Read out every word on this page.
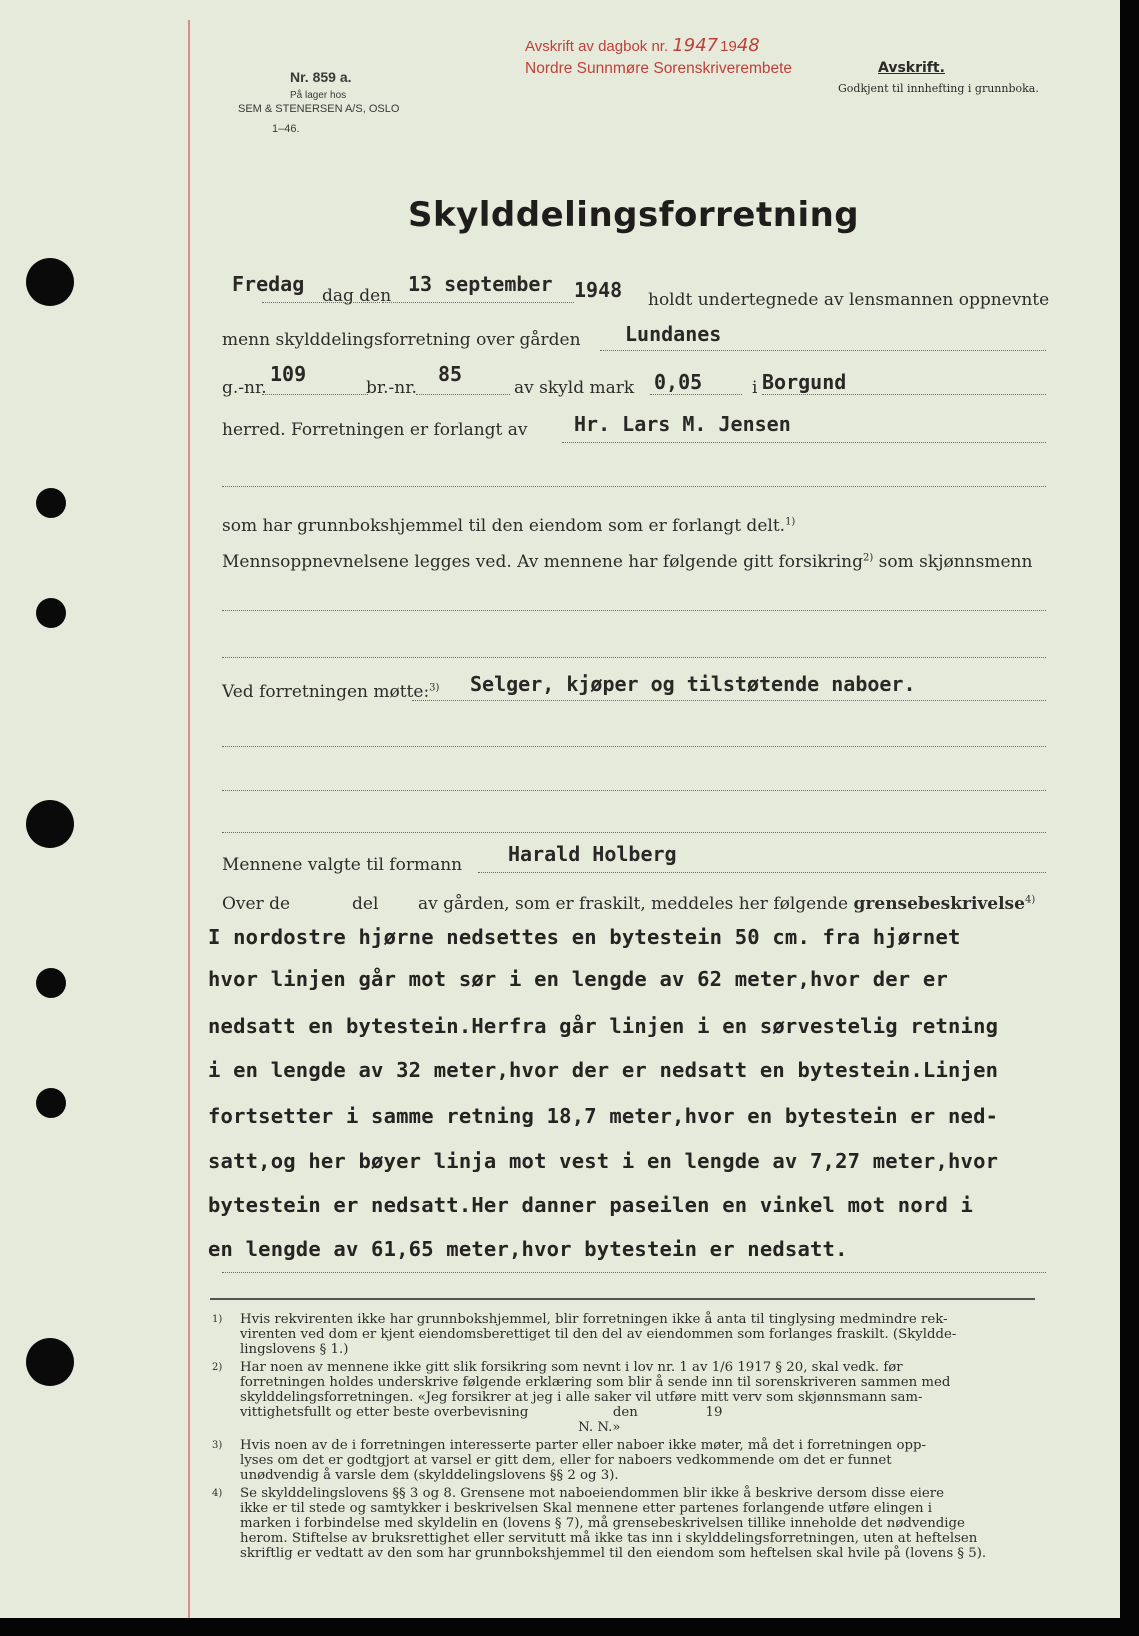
Nr. 859 a.
På lager hos
SEM & STENERSEN A/S, OSLO
1–46.
Avskrift av dagbok nr. 1947 1948
Nordre Sunnmøre Sorenskriverembete	Avskrift.
Godkjent til innhefting i grunnboka.
Skylddelingsforretning
Fredag dag den 13 september 1948 holdt undertegnede av lensmannen oppnevnte
menn skylddelingsforretning over gården Lundanes
g.-nr.
109
br.-nr.
85
av skyld mark 0,05	i Borgund
herred. Forretningen er forlangt av Hr. Lars M. Jensen
som har grunnbokshjemmel til den eiendom som er forlangt delt.$^{1)}$
Mennsoppnevnelsene legges ved. Av mennene har følgende gitt forsikring$^{2)}$ som skjønnsmenn
Ved forretningen møtte:$^{3)}$ Selger, kjøper og tilstøtende naboer.
Mennene valgte til formann Harald Holberg
Over de	del av gården, som er fraskilt, meddeles her følgende grensebeskrivelse$^{4)}$
I nordostre hjørne nedsettes en bytestein 50 cm. fra hjørnet
hvor linjen går mot sør i en lengde av 62 meter,hvor der er
nedsatt en bytestein.Herfra går linjen i en sørvestelig retning
i en lengde av 32 meter,hvor der er nedsatt en bytestein.Linjen
fortsetter i samme retning 18,7 meter,hvor en bytestein er ned-
satt,og her bøyer linja mot vest i en lengde av 7,27 meter,hvor
bytestein er nedsatt.Her danner paseilen en vinkel mot nord i
en lengde av 61,65 meter,hvor bytestein er nedsatt.
1) Hvis rekvirenten ikke har grunnbokshjemmel, blir forretningen ikke å anta til tinglysing medmindre rek-
virenten ved dom er kjent eiendomsberettiget til den del av eiendommen som forlanges fraskilt. (Skyldde-
lingslovens § 1.)
2) Har noen av mennene ikke gitt slik forsikring som nevnt i lov nr. 1 av 1/6 1917 § 20, skal vedk. før
forretningen holdes underskrive følgende erklæring som blir å sende inn til sorenskriveren sammen med
skylddelingsforretningen. «Jeg forsikrer at jeg i alle saker vil utføre mitt verv som skjønnsmann sam-
vittighetsfullt og etter beste overbevisning                    den                19
N. N.»
3) Hvis noen av de i forretningen interesserte parter eller naboer ikke møter, må det i forretningen opp-
lyses om det er godtgjort at varsel er gitt dem, eller for naboers vedkommende om det er funnet
unødvendig å varsle dem (skylddelingslovens §§ 2 og 3).
4) Se skylddelingslovens §§ 3 og 8. Grensene mot naboeiendommen blir ikke å beskrive dersom disse eiere
ikke er til stede og samtykker i beskrivelsen Skal mennene etter partenes forlangende utføre elingen i
marken i forbindelse med skyldelin en (lovens § 7), må grensebeskrivelsen tillike inneholde det nødvendige
herom. Stiftelse av bruksrettighet eller servitutt må ikke tas inn i skylddelingsforretningen, uten at heftelsen
skriftlig er vedtatt av den som har grunnbokshjemmel til den eiendom som heftelsen skal hvile på (lovens § 5).
